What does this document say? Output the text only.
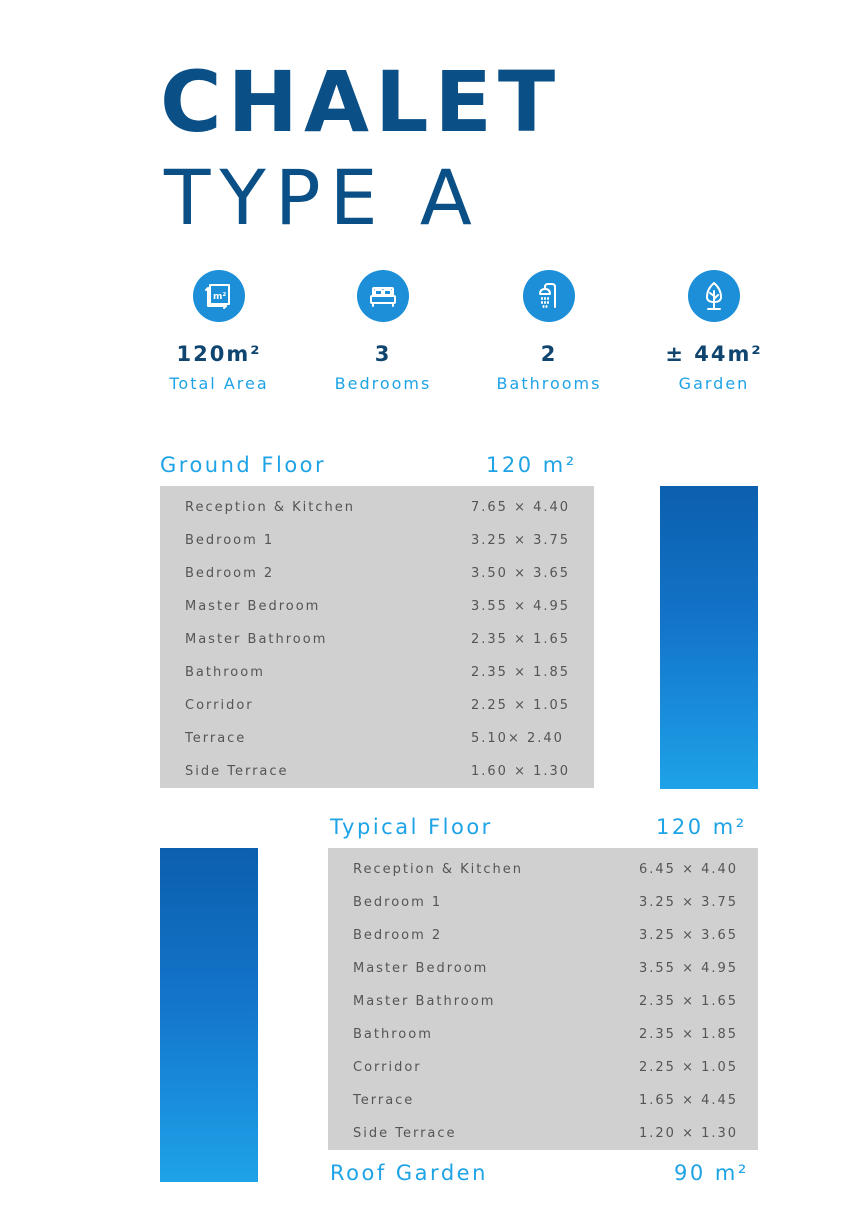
CHALET
TYPE A
m²
120m²
Total Area
3
Bedrooms
2
Bathrooms
± 44m²
Garden
Ground Floor	120 m²
Reception & Kitchen	7.65 × 4.40
Bedroom 1	3.25 × 3.75
Bedroom 2	3.50 × 3.65
Master Bedroom	3.55 × 4.95
Master Bathroom	2.35 × 1.65
Bathroom	2.35 × 1.85
Corridor	2.25 × 1.05
Terrace	5.10× 2.40
Side Terrace	1.60 × 1.30
Typical Floor	120 m²
Reception & Kitchen	6.45 × 4.40
Bedroom 1	3.25 × 3.75
Bedroom 2	3.25 × 3.65
Master Bedroom	3.55 × 4.95
Master Bathroom	2.35 × 1.65
Bathroom	2.35 × 1.85
Corridor	2.25 × 1.05
Terrace	1.65 × 4.45
Side Terrace	1.20 × 1.30
Roof Garden	90 m²
